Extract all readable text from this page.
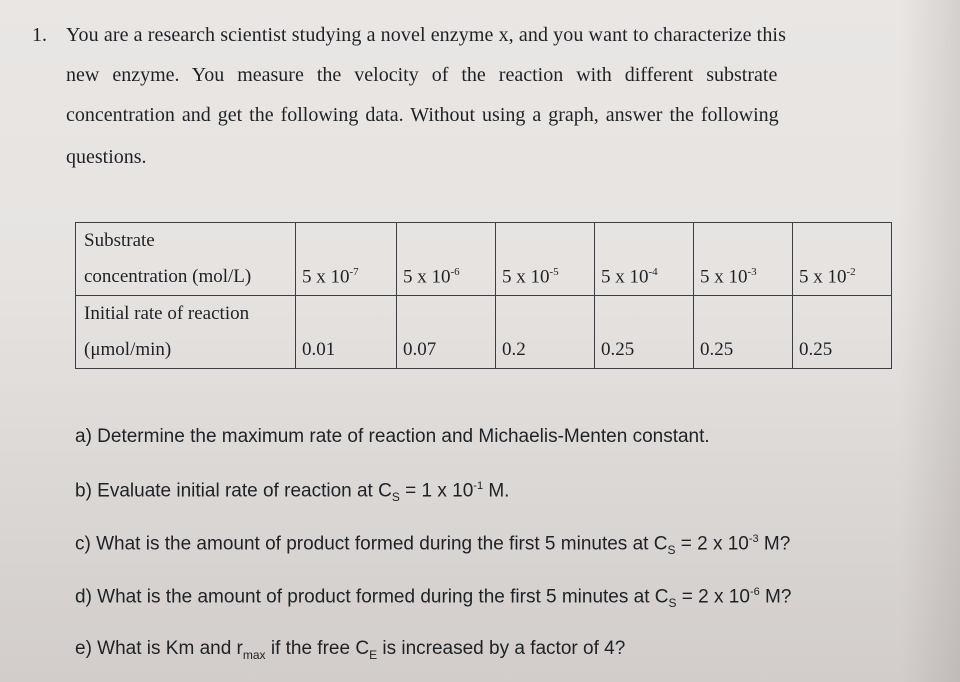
1. You are a research scientist studying a novel enzyme x, and you want to characterize this
new enzyme. You measure the velocity of the reaction with different substrate
concentration and get the following data. Without using a graph, answer the following
questions.
Substrate						
concentration (mol/L)	5 x $10^{-7}$	5 x $10^{-6}$	5 x $10^{-5}$	5 x $10^{-4}$	5 x $10^{-3}$	5 x $10^{-2}$
Initial rate of reaction						
(μmol/min)	0.01	0.07	0.2	0.25	0.25	0.25
a) Determine the maximum rate of reaction and Michaelis-Menten constant.
b) Evaluate initial rate of reaction at $C_S = 1$ x $10^{-1}$ M.
c) What is the amount of product formed during the first 5 minutes at $C_S = 2$ x $10^{-3}$ M?
d) What is the amount of product formed during the first 5 minutes at $C_S = 2$ x $10^{-6}$ M?
e) What is Km and $r_{max}$ if the free $C_E$ is increased by a factor of 4?
